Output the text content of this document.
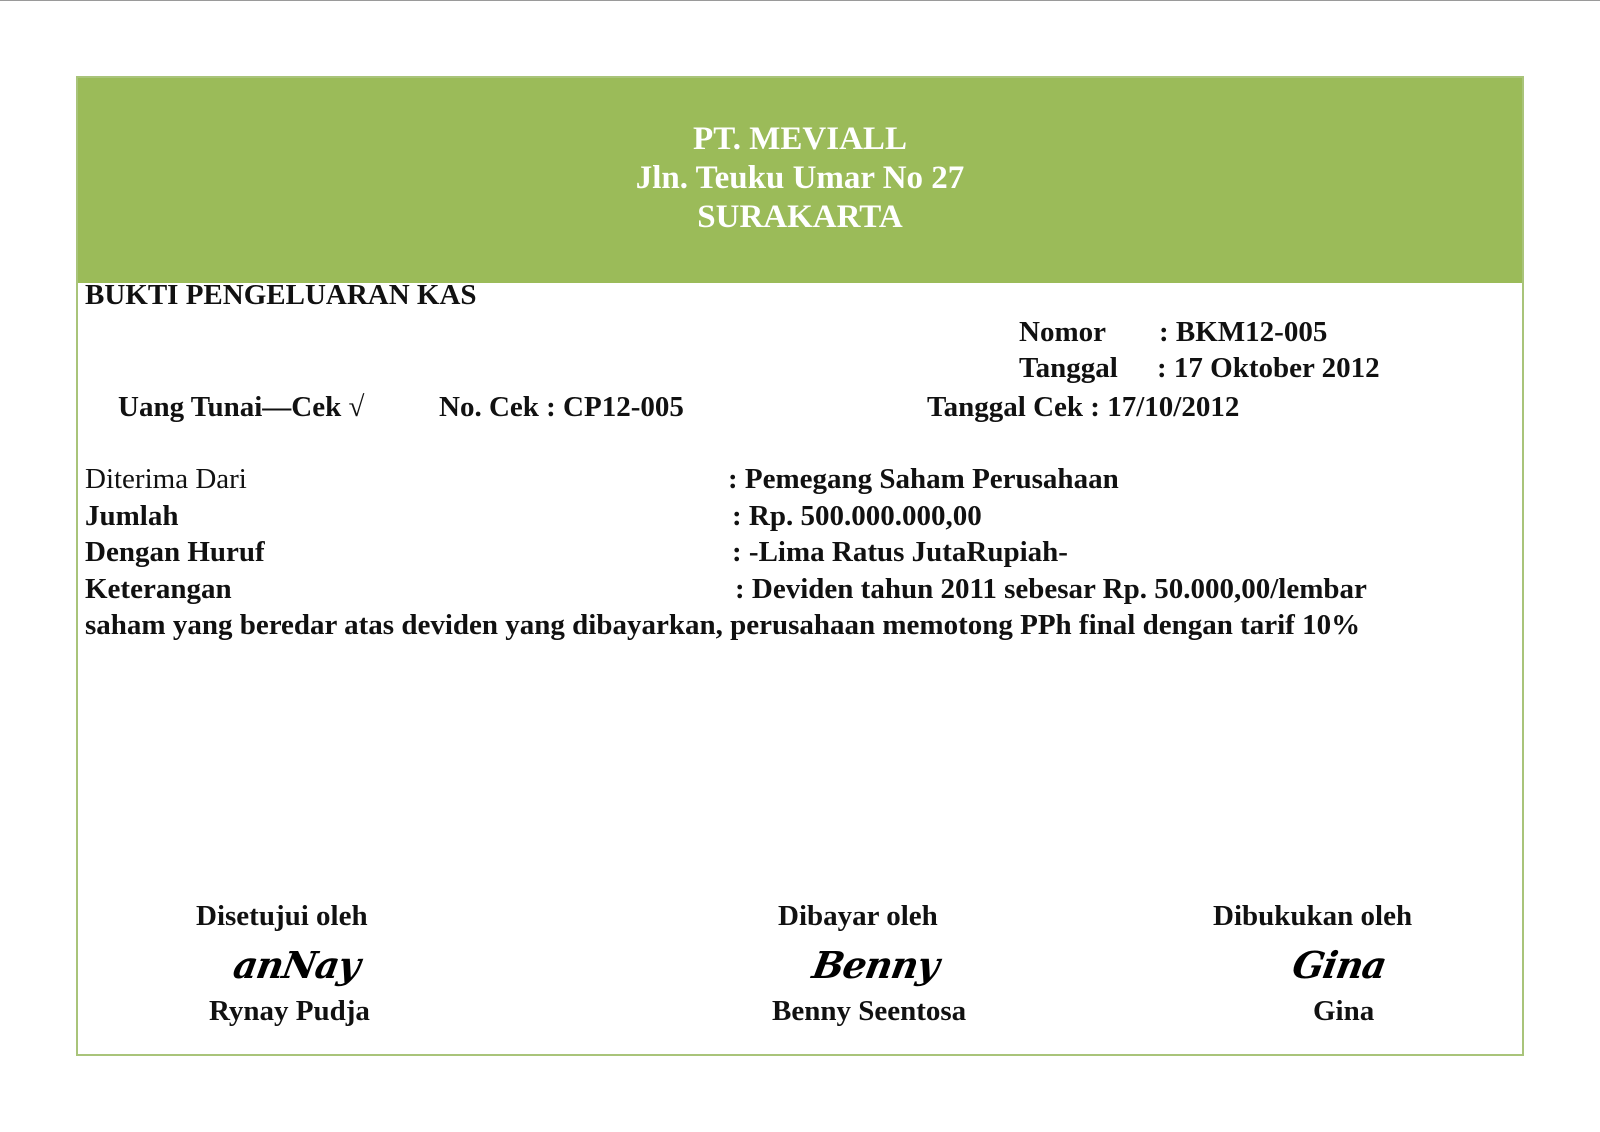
PT. MEVIALL
Jln. Teuku Umar No 27
SURAKARTA
BUKTI PENGELUARAN KAS
Nomor : BKM12-005
Tanggal : 17 Oktober 2012
Uang Tunai—Cek √	No. Cek : CP12-005	Tanggal Cek : 17/10/2012
Diterima Dari	: Pemegang Saham Perusahaan
Jumlah	: Rp. 500.000.000,00
Dengan Huruf	: -Lima Ratus JutaRupiah-
Keterangan	: Deviden tahun 2011 sebesar Rp. 50.000,00/lembar
saham yang beredar atas deviden yang dibayarkan, perusahaan memotong PPh final dengan tarif 10%
Disetujui oleh
anNay
Rynay Pudja
Dibayar oleh
Benny
Benny Seentosa
Dibukukan oleh
Gina
Gina
